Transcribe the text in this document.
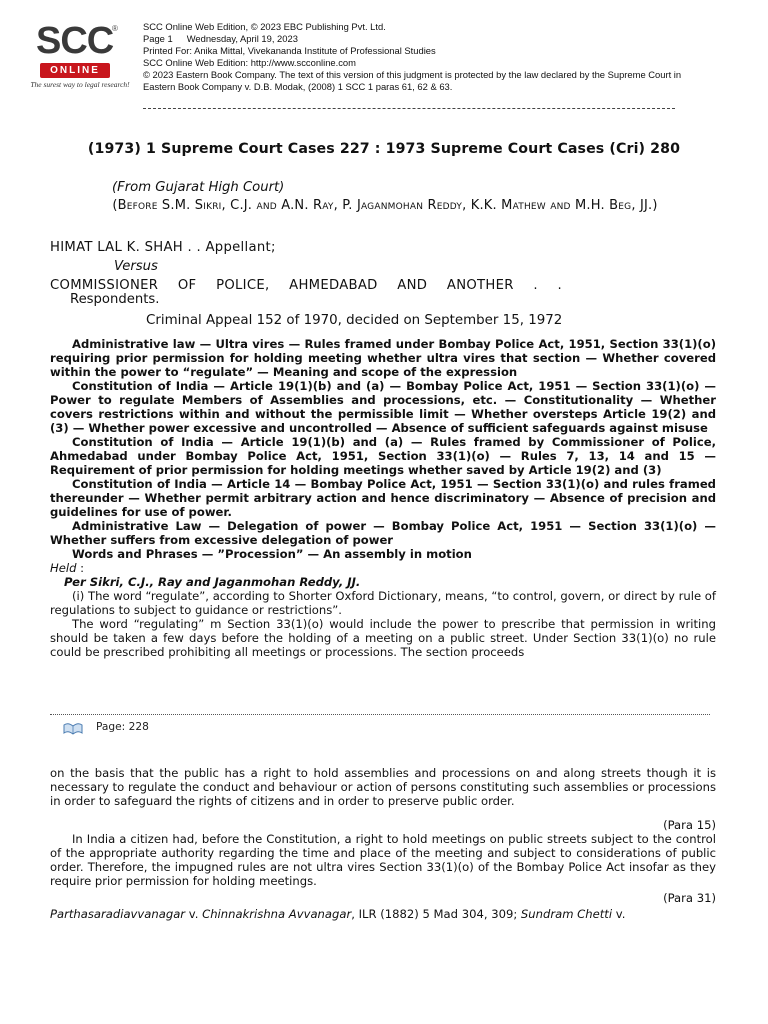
SCC
®
ONLINE
The surest way to legal research!
SCC Online Web Edition, © 2023 EBC Publishing Pvt. Ltd.
Page 1 Wednesday, April 19, 2023
Printed For: Anika Mittal, Vivekananda Institute of Professional Studies
SCC Online Web Edition: http://www.scconline.com
© 2023 Eastern Book Company. The text of this version of this judgment is protected by the law declared by the Supreme Court in Eastern Book Company v. D.B. Modak, (2008) 1 SCC 1 paras 61, 62 & 63.
(1973) 1 Supreme Court Cases 227 : 1973 Supreme Court Cases (Cri) 280
(From Gujarat High Court)
(Before S.M. Sikri, C.J. and A.N. Ray, P. Jaganmohan Reddy, K.K. Mathew and M.H. Beg, JJ.)
HIMAT LAL K. SHAH . . Appellant;
Versus
COMMISSIONER OF POLICE, AHMEDABAD AND ANOTHER . .
Respondents.
Criminal Appeal 152 of 1970, decided on September 15, 1972

Administrative law — Ultra vires — Rules framed under Bombay Police Act, 1951, Section 33(1)(o) requiring prior permission for holding meeting whether ultra vires that section — Whether covered within the power to “regulate” — Meaning and scope of the expression

Constitution of India — Article 19(1)(b) and (a) — Bombay Police Act, 1951 — Section 33(1)(o) — Power to regulate Members of Assemblies and processions, etc. — Constitutionality — Whether covers restrictions within and without the permissible limit — Whether oversteps Article 19(2) and (3) — Whether power excessive and uncontrolled — Absence of sufficient safeguards against misuse

Constitution of India — Article 19(1)(b) and (a) — Rules framed by Commissioner of Police, Ahmedabad under Bombay Police Act, 1951, Section 33(1)(o) — Rules 7, 13, 14 and 15 — Requirement of prior permission for holding meetings whether saved by Article 19(2) and (3)

Constitution of India — Article 14 — Bombay Police Act, 1951 — Section 33(1)(o) and rules framed thereunder — Whether permit arbitrary action and hence discriminatory — Absence of precision and guidelines for use of power.

Administrative Law — Delegation of power — Bombay Police Act, 1951 — Section 33(1)(o) — Whether suffers from excessive delegation of power

Words and Phrases — ”Procession” — An assembly in motion

Held :
Per Sikri, C.J., Ray and Jaganmohan Reddy, JJ.

(i) The word “regulate”, according to Shorter Oxford Dictionary, means, “to control, govern, or direct by rule of regulations to subject to guidance or restrictions”.

The word “regulating” m Section 33(1)(o) would include the power to prescribe that permission in writing should be taken a few days before the holding of a meeting on a public street. Under Section 33(1)(o) no rule could be prescribed prohibiting all meetings or processions. The section proceeds

Page: 228
on the basis that the public has a right to hold assemblies and processions on and along streets though it is necessary to regulate the conduct and behaviour or action of persons constituting such assemblies or processions in order to safeguard the rights of citizens and in order to preserve public order.
(Para 15)

In India a citizen had, before the Constitution, a right to hold meetings on public streets subject to the control of the appropriate authority regarding the time and place of the meeting and subject to considerations of public order. Therefore, the impugned rules are not ultra vires Section 33(1)(o) of the Bombay Police Act insofar as they require prior permission for holding meetings.

(Para 31)
Parthasaradiavvanagar v. Chinnakrishna Avvanagar, ILR (1882) 5 Mad 304, 309; Sundram Chetti v.
